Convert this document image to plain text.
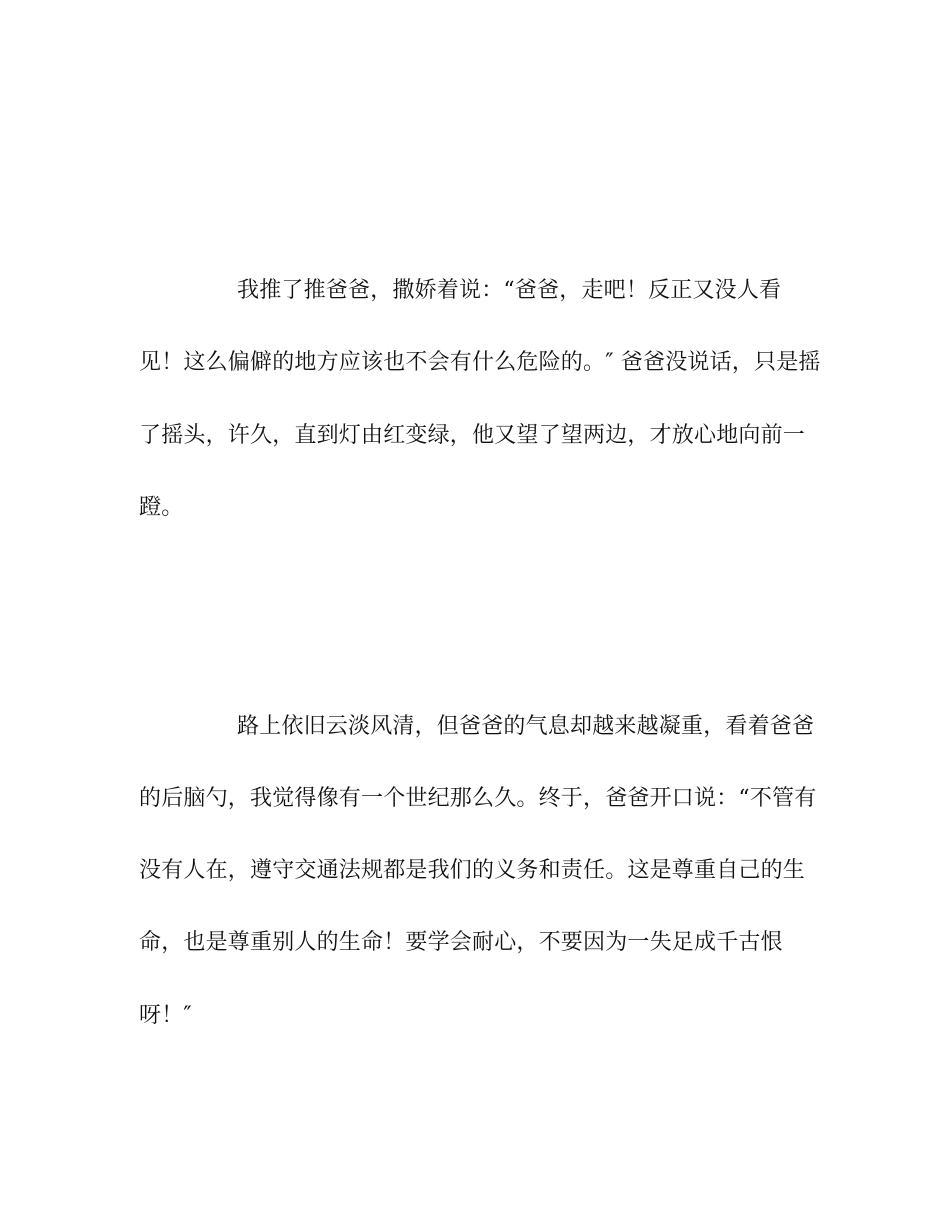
我推了推爸爸，撒娇着说：“爸爸，走吧！反正又没人看
见！这么偏僻的地方应该也不会有什么危险的。″ 爸爸没说话，只是摇
了摇头，许久，直到灯由红变绿，他又望了望两边，才放心地向前一
蹬。
路上依旧云淡风清，但爸爸的气息却越来越凝重，看着爸爸
的后脑勺，我觉得像有一个世纪那么久。终于，爸爸开口说：“不管有
没有人在，遵守交通法规都是我们的义务和责任。这是尊重自己的生
命，也是尊重别人的生命！要学会耐心，不要因为一失足成千古恨
呀！″
